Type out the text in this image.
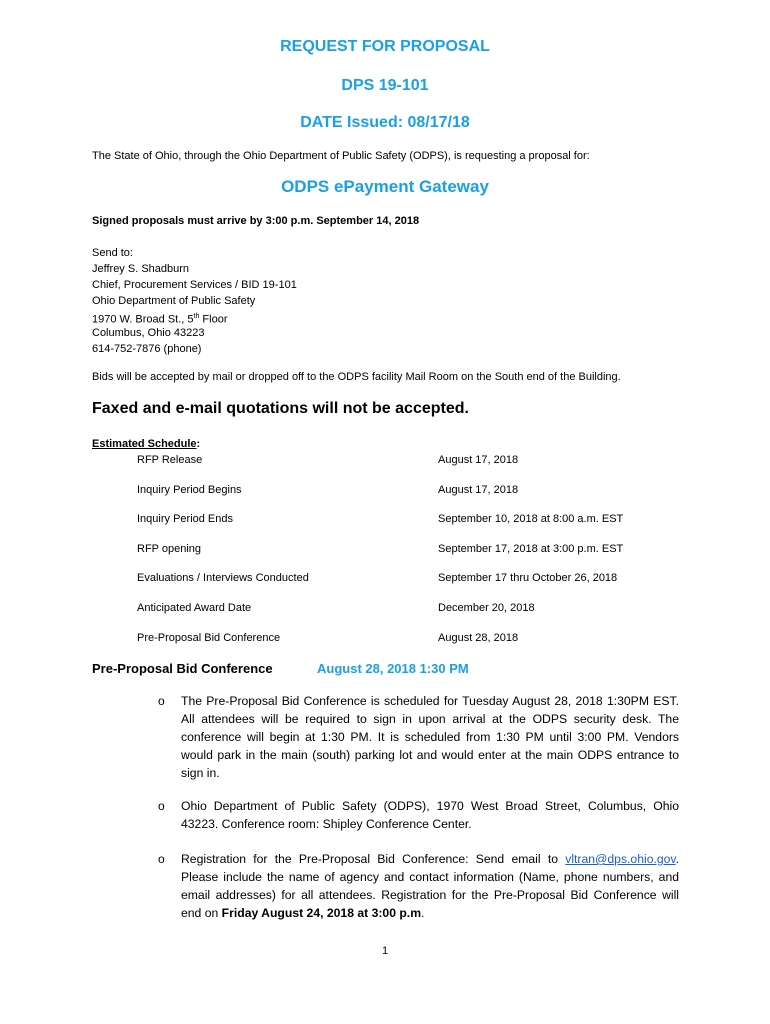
REQUEST FOR PROPOSAL
DPS 19-101
DATE Issued: 08/17/18
The State of Ohio, through the Ohio Department of Public Safety (ODPS), is requesting a proposal for:
ODPS ePayment Gateway
Signed proposals must arrive by 3:00 p.m. September 14, 2018
Send to:
Jeffrey S. Shadburn
Chief, Procurement Services / BID 19-101
Ohio Department of Public Safety
1970 W. Broad St., 5th Floor
Columbus, Ohio 43223
614-752-7876 (phone)
Bids will be accepted by mail or dropped off to the ODPS facility Mail Room on the South end of the Building.
Faxed and e-mail quotations will not be accepted.
Estimated Schedule:
RFP Release	August 17, 2018
Inquiry Period Begins	August 17, 2018
Inquiry Period Ends	September 10, 2018 at 8:00 a.m. EST
RFP opening	September 17, 2018 at 3:00 p.m. EST
Evaluations / Interviews Conducted	September 17 thru October 26, 2018
Anticipated Award Date	December 20, 2018
Pre-Proposal Bid Conference	August 28, 2018
Pre-Proposal Bid Conference	August 28, 2018 1:30 PM
o The Pre-Proposal Bid Conference is scheduled for Tuesday August 28, 2018 1:30PM EST. All attendees will be required to sign in upon arrival at the ODPS security desk. The conference will begin at 1:30 PM. It is scheduled from 1:30 PM until 3:00 PM. Vendors would park in the main (south) parking lot and would enter at the main ODPS entrance to sign in.
o Ohio Department of Public Safety (ODPS), 1970 West Broad Street, Columbus, Ohio 43223. Conference room: Shipley Conference Center.
o Registration for the Pre-Proposal Bid Conference: Send email to vltran@dps.ohio.gov. Please include the name of agency and contact information (Name, phone numbers, and email addresses) for all attendees. Registration for the Pre-Proposal Bid Conference will end on Friday August 24, 2018 at 3:00 p.m.
1
